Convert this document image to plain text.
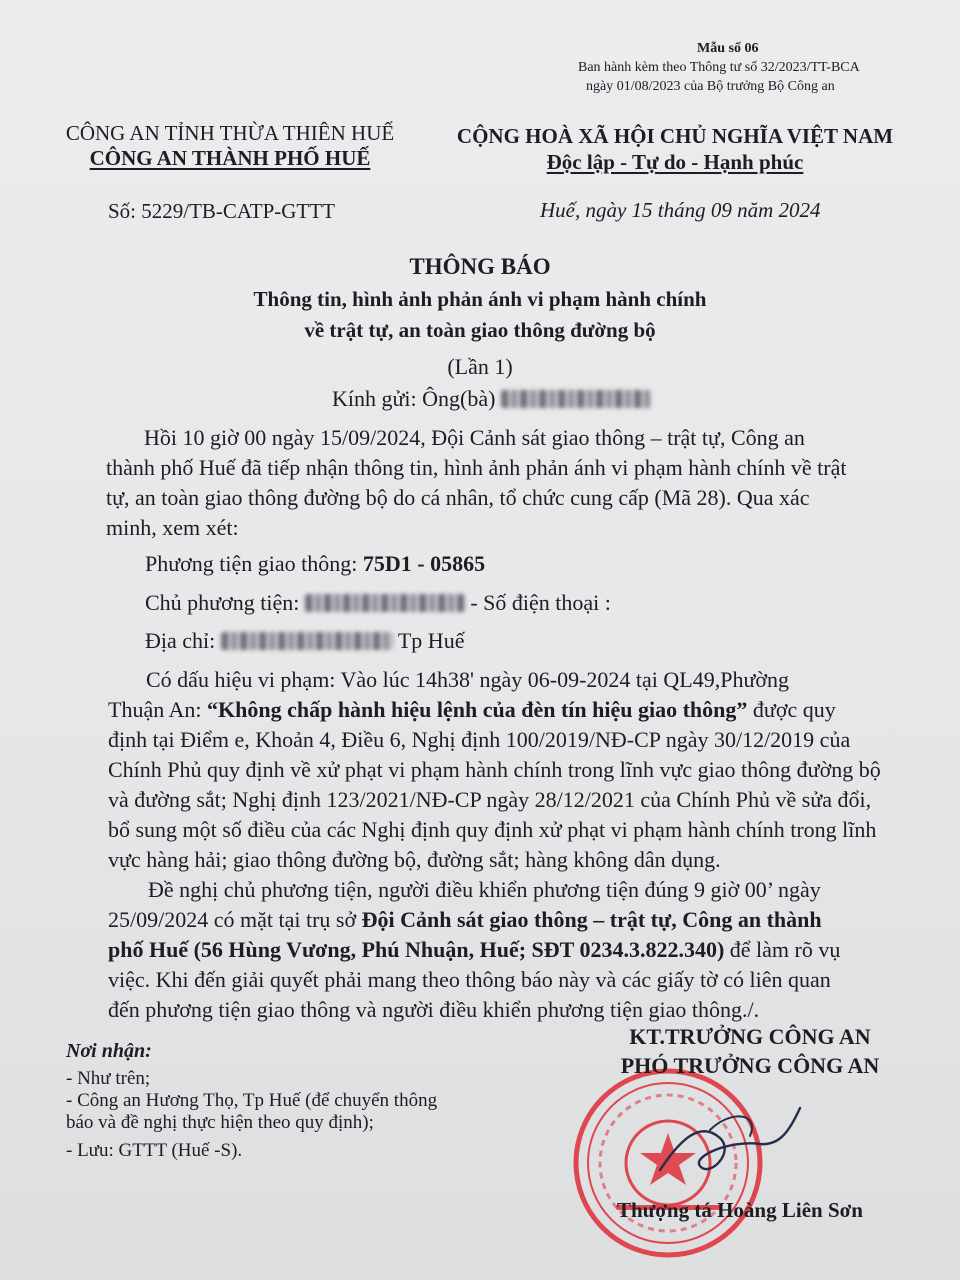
Mẫu số 06
Ban hành kèm theo Thông tư số 32/2023/TT-BCA
ngày 01/08/2023 của Bộ trưởng Bộ Công an
CÔNG AN TỈNH THỪA THIÊN HUẾ
CÔNG AN THÀNH PHỐ HUẾ
Số: 5229/TB-CATP-GTTT
CỘNG HOÀ XÃ HỘI CHỦ NGHĨA VIỆT NAM
Độc lập - Tự do - Hạnh phúc
Huế, ngày 15 tháng 09 năm 2024
THÔNG BÁO
Thông tin, hình ảnh phản ánh vi phạm hành chính
về trật tự, an toàn giao thông đường bộ
(Lần 1)
Kính gửi: Ông(bà)
Hồi 10 giờ 00 ngày 15/09/2024, Đội Cảnh sát giao thông – trật tự, Công an
thành phố Huế đã tiếp nhận thông tin, hình ảnh phản ánh vi phạm hành chính về trật
tự, an toàn giao thông đường bộ do cá nhân, tổ chức cung cấp (Mã 28). Qua xác
minh, xem xét:
Phương tiện giao thông: 75D1 - 05865
Chủ phương tiện:	- Số điện thoại :
Địa chỉ:	Tp Huế
Có dấu hiệu vi phạm: Vào lúc 14h38' ngày 06-09-2024 tại QL49,Phường
Thuận An: “Không chấp hành hiệu lệnh của đèn tín hiệu giao thông” được quy
định tại Điểm e, Khoản 4, Điều 6, Nghị định 100/2019/NĐ-CP ngày 30/12/2019 của
Chính Phủ quy định về xử phạt vi phạm hành chính trong lĩnh vực giao thông đường bộ
và đường sắt; Nghị định 123/2021/NĐ-CP ngày 28/12/2021 của Chính Phủ về sửa đổi,
bổ sung một số điều của các Nghị định quy định xử phạt vi phạm hành chính trong lĩnh
vực hàng hải; giao thông đường bộ, đường sắt; hàng không dân dụng.
Đề nghị chủ phương tiện, người điều khiển phương tiện đúng 9 giờ 00’ ngày
25/09/2024 có mặt tại trụ sở Đội Cảnh sát giao thông – trật tự, Công an thành
phố Huế (56 Hùng Vương, Phú Nhuận, Huế; SĐT 0234.3.822.340) để làm rõ vụ
việc. Khi đến giải quyết phải mang theo thông báo này và các giấy tờ có liên quan
đến phương tiện giao thông và người điều khiển phương tiện giao thông./.
Nơi nhận:
- Như trên;
- Công an Hương Thọ, Tp Huế (để chuyển thông
báo và đề nghị thực hiện theo quy định);
- Lưu: GTTT (Huế -S).
KT.TRƯỞNG CÔNG AN
PHÓ TRƯỞNG CÔNG AN
Thượng tá Hoàng Liên Sơn
